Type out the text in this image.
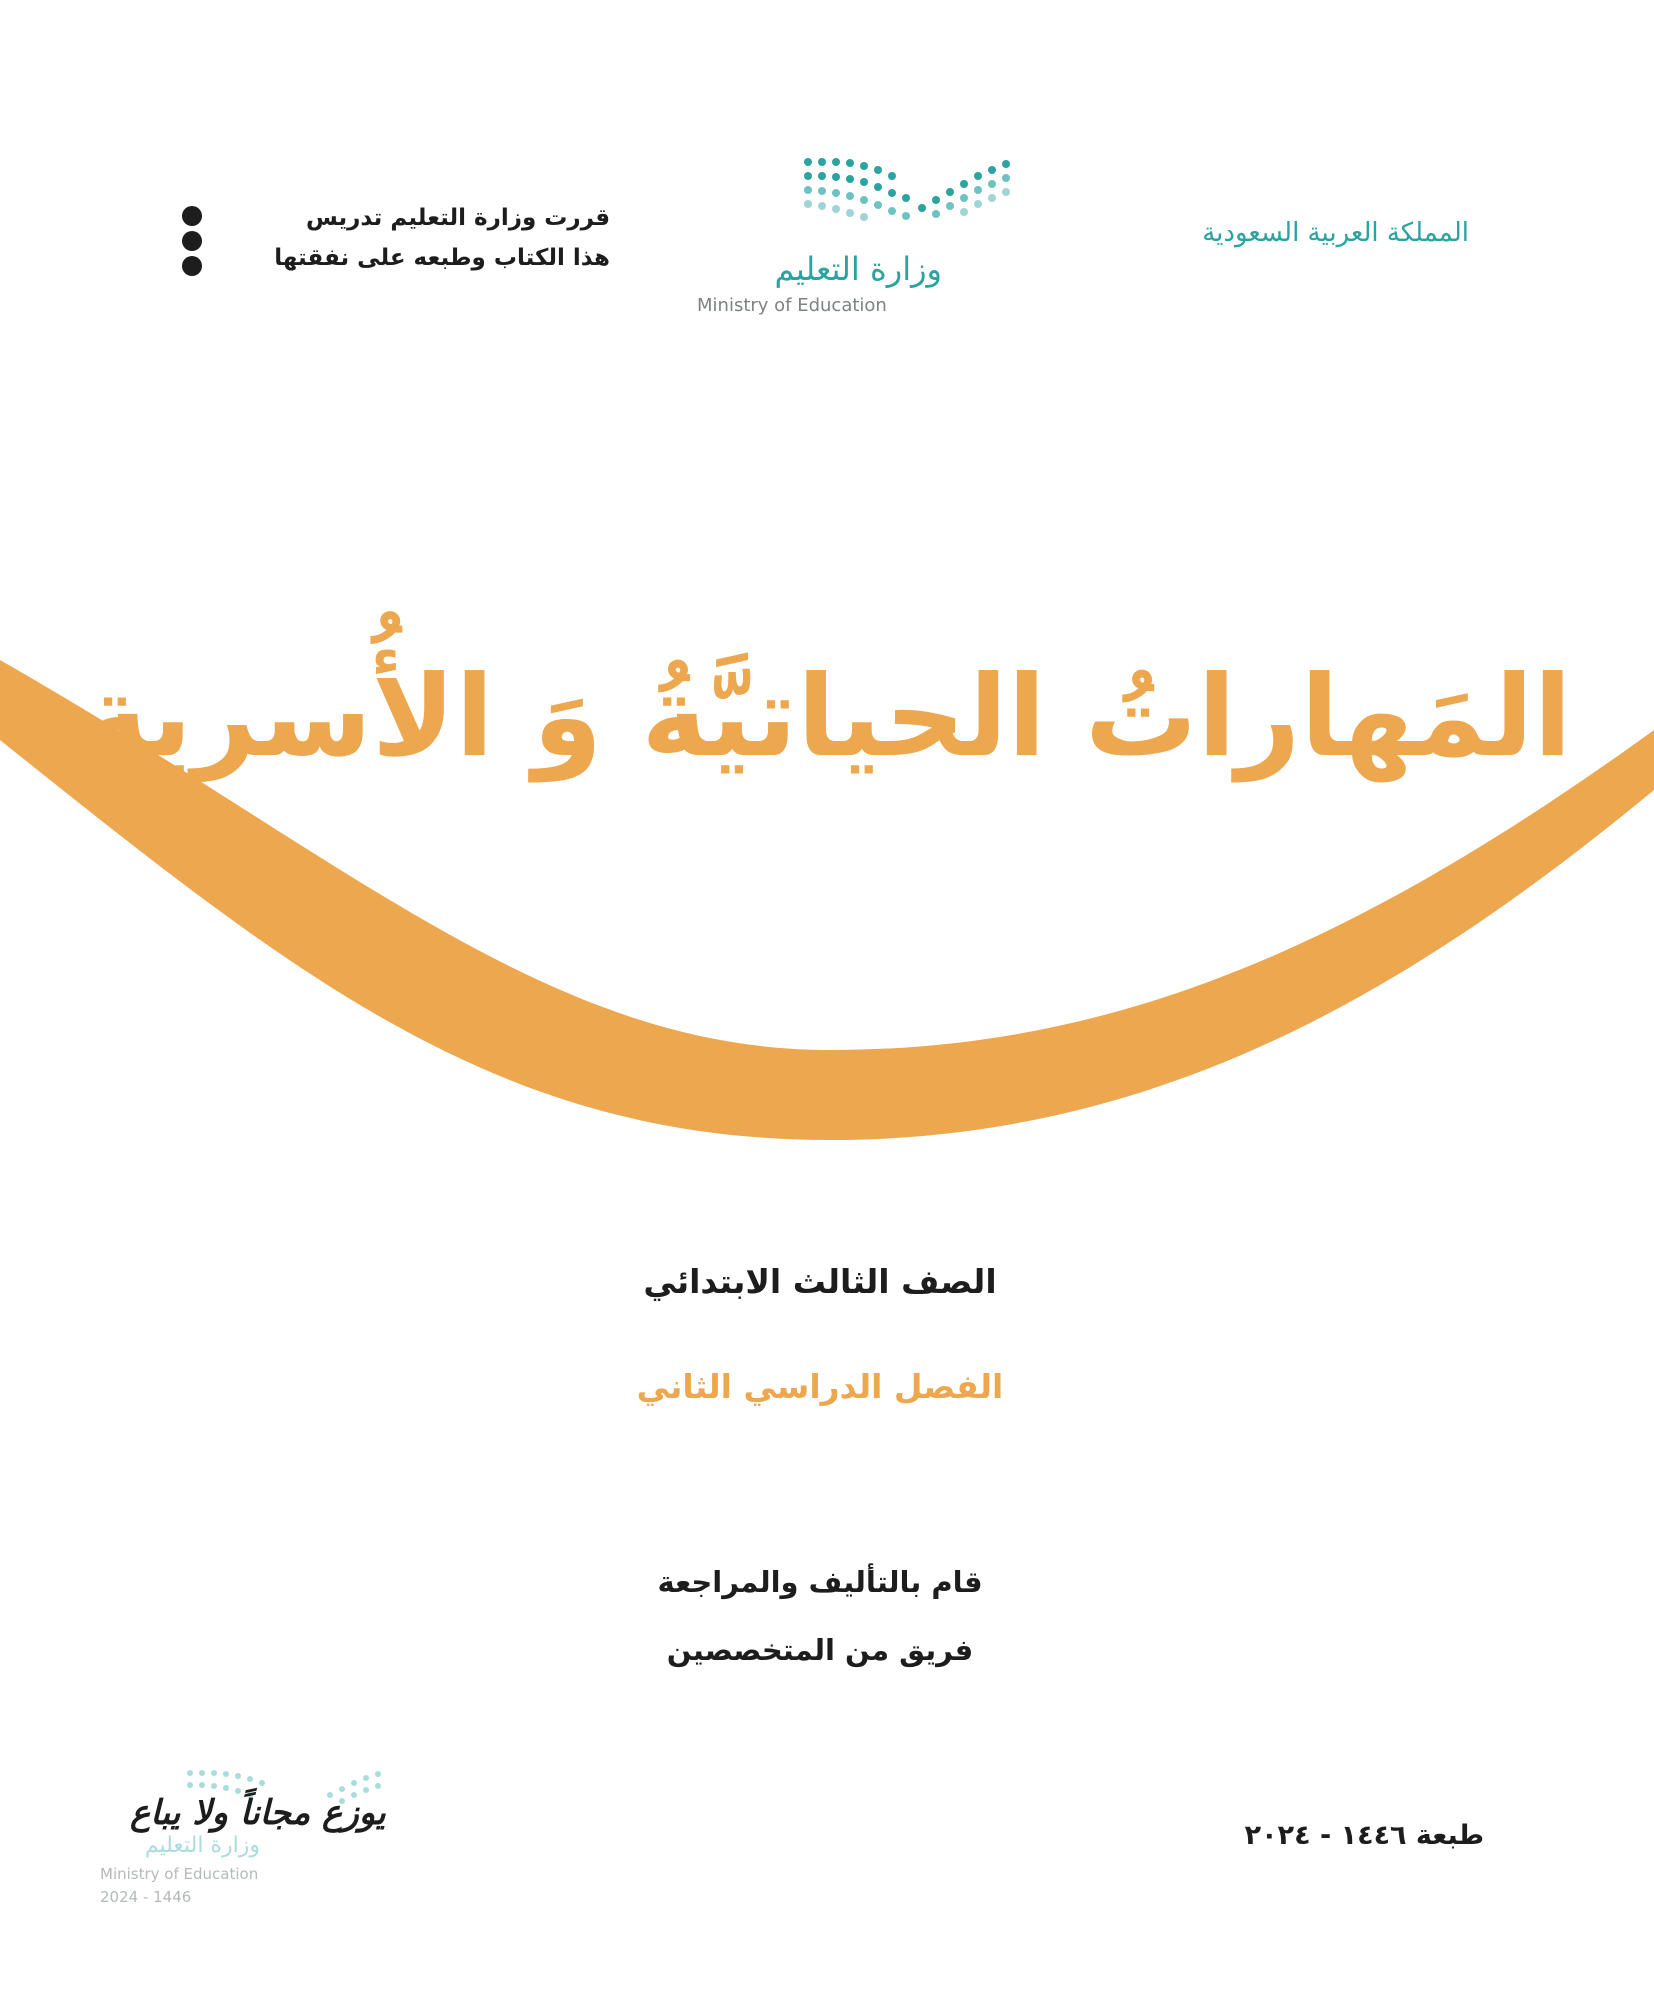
المملكة العربية السعودية
وزارة التعليم
Ministry of Education
قررت وزارة التعليم تدريس
هذا الكتاب وطبعه على نفقتها
المَهاراتُ الحياتيَّةُ وَ الأُسرية
الصف الثالث الابتدائي
الفصل الدراسي الثاني
قام بالتأليف والمراجعة
فريق من المتخصصين
طبعة ١٤٤٦ - ٢٠٢٤
يوزع مجاناً ولا يباع
وزارة التعليم
Ministry of Education
2024 - 1446
